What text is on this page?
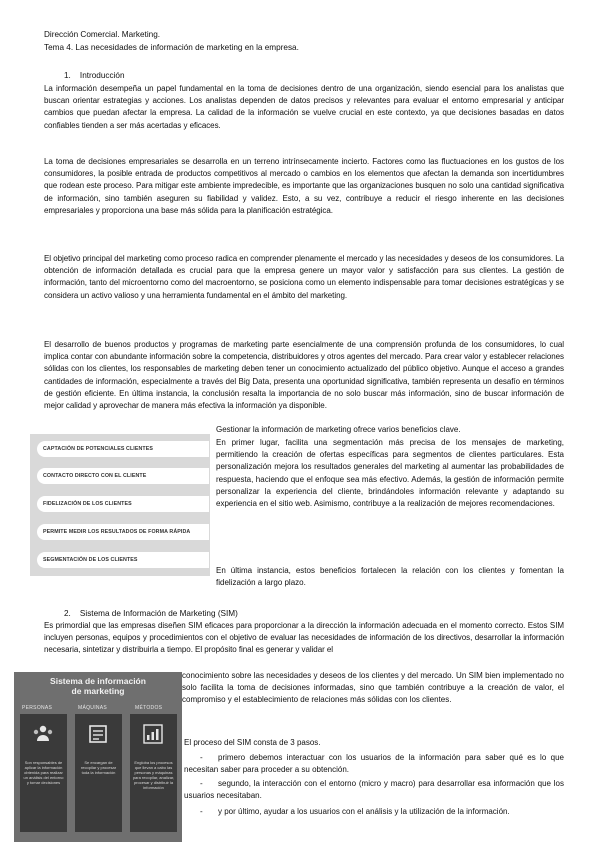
Dirección Comercial. Marketing.
Tema 4. Las necesidades de información de marketing en la empresa.
1.    Introducción
La información desempeña un papel fundamental en la toma de decisiones dentro de una organización, siendo esencial para los analistas que buscan orientar estrategias y acciones. Los analistas dependen de datos precisos y relevantes para evaluar el entorno empresarial y anticipar cambios que puedan afectar la empresa. La calidad de la información se vuelve crucial en este contexto, ya que decisiones basadas en datos confiables tienden a ser más acertadas y eficaces.
La toma de decisiones empresariales se desarrolla en un terreno intrínsecamente incierto. Factores como las fluctuaciones en los gustos de los consumidores, la posible entrada de productos competitivos al mercado o cambios en los elementos que afectan la demanda son incertidumbres que rodean este proceso. Para mitigar este ambiente impredecible, es importante que las organizaciones busquen no solo una cantidad significativa de información, sino también aseguren su fiabilidad y validez. Esto, a su vez, contribuye a reducir el riesgo inherente en las decisiones empresariales y proporciona una base más sólida para la planificación estratégica.
El objetivo principal del marketing como proceso radica en comprender plenamente el mercado y las necesidades y deseos de los consumidores. La obtención de información detallada es crucial para que la empresa genere un mayor valor y satisfacción para sus clientes. La gestión de información, tanto del microentorno como del macroentorno, se posiciona como un elemento indispensable para tomar decisiones estratégicas y se considera un activo valioso y una herramienta fundamental en el ámbito del marketing.
El desarrollo de buenos productos y programas de marketing parte esencialmente de una comprensión profunda de los consumidores, lo cual implica contar con abundante información sobre la competencia, distribuidores y otros agentes del mercado. Para crear valor y establecer relaciones sólidas con los clientes, los responsables de marketing deben tener un conocimiento actualizado del público objetivo. Aunque el acceso a grandes cantidades de información, especialmente a través del Big Data, presenta una oportunidad significativa, también representa un desafío en términos de gestión eficiente. En última instancia, la conclusión resalta la importancia de no solo buscar más información, sino de buscar información de mejor calidad y aprovechar de manera más efectiva la información ya disponible.
CAPTACIÓN DE POTENCIALES CLIENTES
CONTACTO DIRECTO CON EL CLIENTE
FIDELIZACIÓN DE LOS CLIENTES
PERMITE MEDIR LOS RESULTADOS DE FORMA RÁPIDA
SEGMENTACIÓN DE LOS CLIENTES
Gestionar la información de marketing ofrece varios beneficios clave.
En primer lugar, facilita una segmentación más precisa de los mensajes de marketing, permitiendo la creación de ofertas específicas para segmentos de clientes particulares. Esta personalización mejora los resultados generales del marketing al aumentar las probabilidades de respuesta, haciendo que el enfoque sea más efectivo. Además, la gestión de información permite personalizar la experiencia del cliente, brindándoles información relevante y adaptando su experiencia en el sitio web. Asimismo, contribuye a la realización de mejores recomendaciones.
En última instancia, estos beneficios fortalecen la relación con los clientes y fomentan la fidelización a largo plazo.
2.    Sistema de Información de Marketing (SIM)
Es primordial que las empresas diseñen SIM eficaces para proporcionar a la dirección la información adecuada en el momento correcto. Estos SIM incluyen personas, equipos y procedimientos con el objetivo de evaluar las necesidades de información de los directivos, desarrollar la información necesaria, sintetizar y distribuirla a tiempo. El propósito final es generar y validar el
Sistema de información
de marketing
PERSONAS	MÁQUINAS	MÉTODOS
Son responsables de aplicar la información obtenida para realizar un análisis del entorno y tomar decisiones
Se encargan de recopilar y procesar toda la información
Engloba los procesos que llevan a cabo las personas y máquinas para recopilar, analizar, procesar y distribuir la información
conocimiento sobre las necesidades y deseos de los clientes y del mercado. Un SIM bien implementado no solo facilita la toma de decisiones informadas, sino que también contribuye a la creación de valor, el compromiso y el establecimiento de relaciones más sólidas con los clientes.
El proceso del SIM consta de 3 pasos.
-	primero debemos interactuar con los usuarios de la información para saber qué es lo que necesitan saber para proceder a su obtención.
-	segundo, la interacción con el entorno (micro y macro) para desarrollar esa información que los usuarios necesitaban.
-	y por último, ayudar a los usuarios con el análisis y la utilización de la información.
